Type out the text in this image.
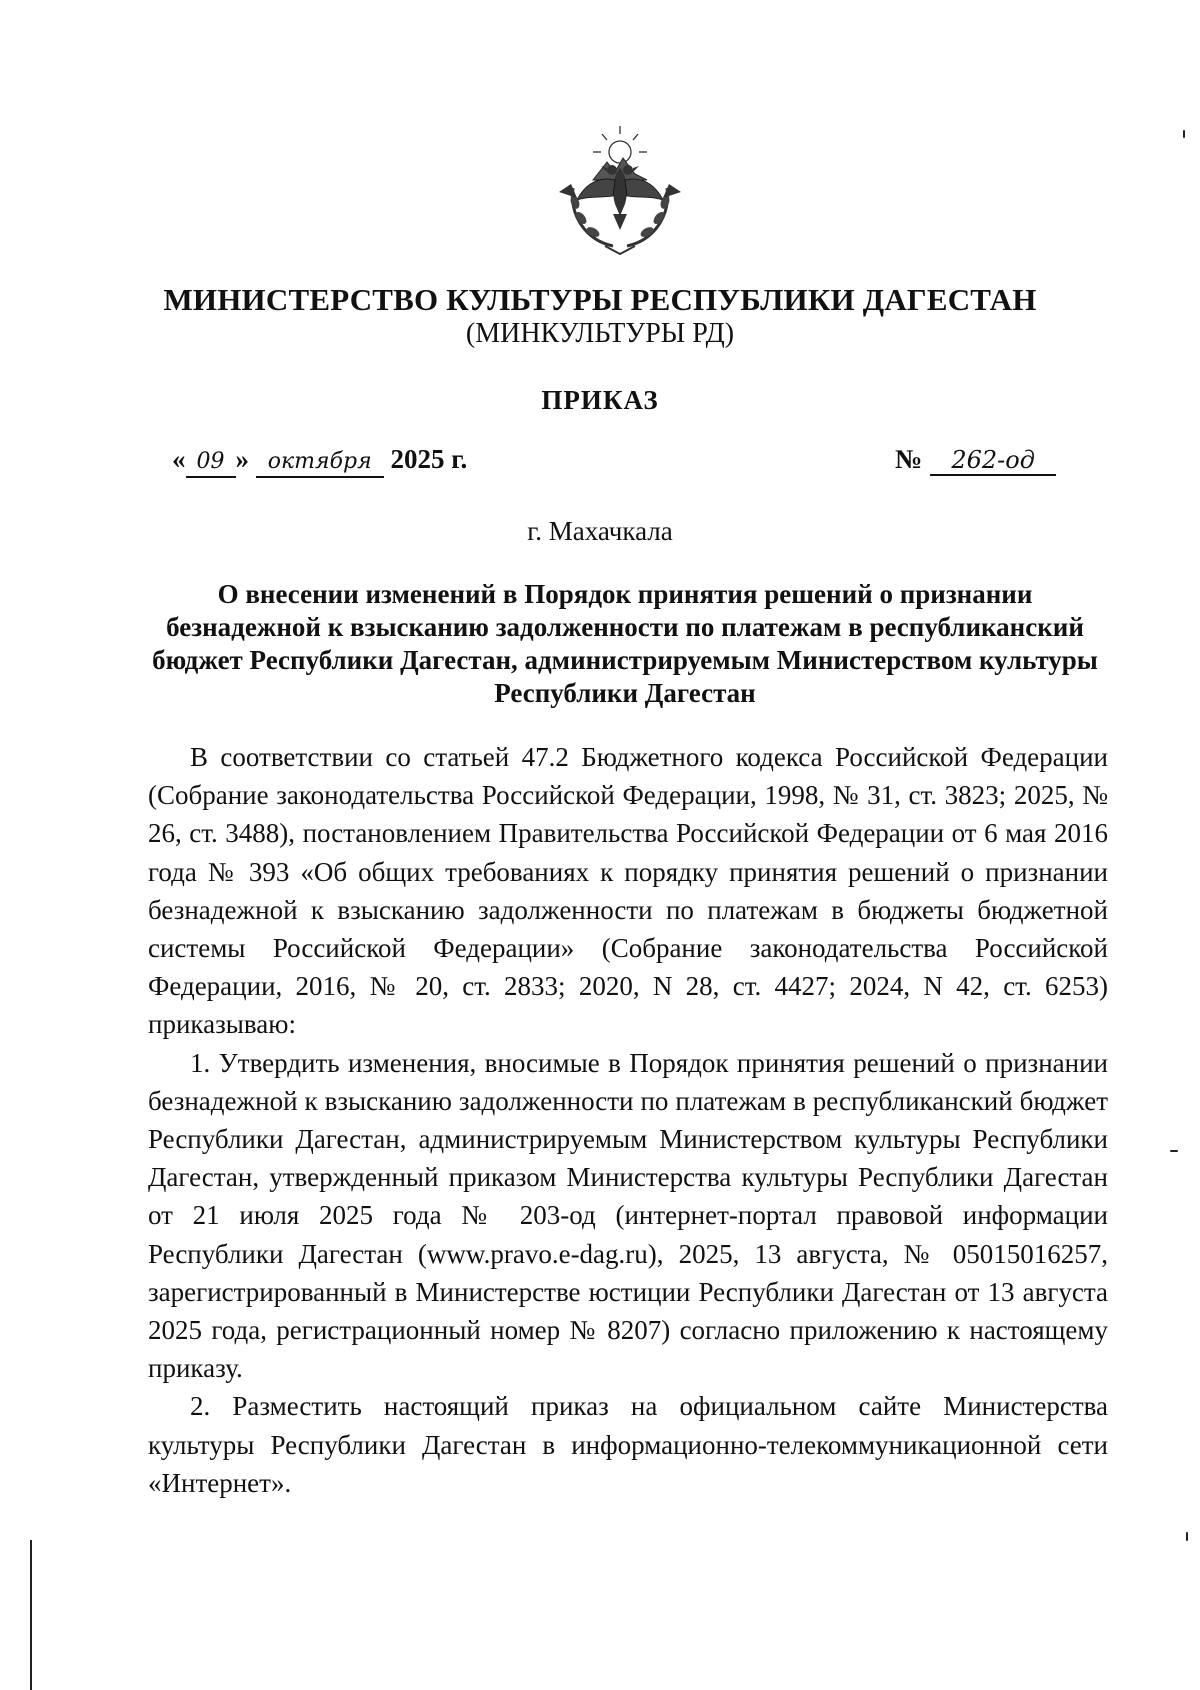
МИНИСТЕРСТВО КУЛЬТУРЫ РЕСПУБЛИКИ ДАГЕСТАН
(МИНКУЛЬТУРЫ РД)
ПРИКАЗ
« 09 » октября 2025 г.	№ 262-од
г. Махачкала
О внесении изменений в Порядок принятия решений о признании безнадежной к взысканию задолженности по платежам в республиканский бюджет Республики Дагестан, администрируемым Министерством культуры Республики Дагестан

В соответствии со статьей 47.2 Бюджетного кодекса Российской Федерации (Собрание законодательства Российской Федерации, 1998, № 31, ст. 3823; 2025, № 26, ст. 3488), постановлением Правительства Российской Федерации от 6 мая 2016 года № 393 «Об общих требованиях к порядку принятия решений о признании безнадежной к взысканию задолженности по платежам в бюджеты бюджетной системы Российской Федерации» (Собрание законодательства Российской Федерации, 2016, № 20, ст. 2833; 2020, N 28, ст. 4427; 2024, N 42, ст. 6253) приказываю:

1. Утвердить изменения, вносимые в Порядок принятия решений о признании безнадежной к взысканию задолженности по платежам в республиканский бюджет Республики Дагестан, администрируемым Министерством культуры Республики Дагестан, утвержденный приказом Министерства культуры Республики Дагестан от 21 июля 2025 года № 203-од (интернет-портал правовой информации Республики Дагестан (www.pravo.e-dag.ru), 2025, 13 августа, № 05015016257, зарегистрированный в Министерстве юстиции Республики Дагестан от 13 августа 2025 года, регистрационный номер № 8207) согласно приложению к настоящему приказу.

2. Разместить настоящий приказ на официальном сайте Министерства культуры Республики Дагестан в информационно-телекоммуникационной сети «Интернет».
